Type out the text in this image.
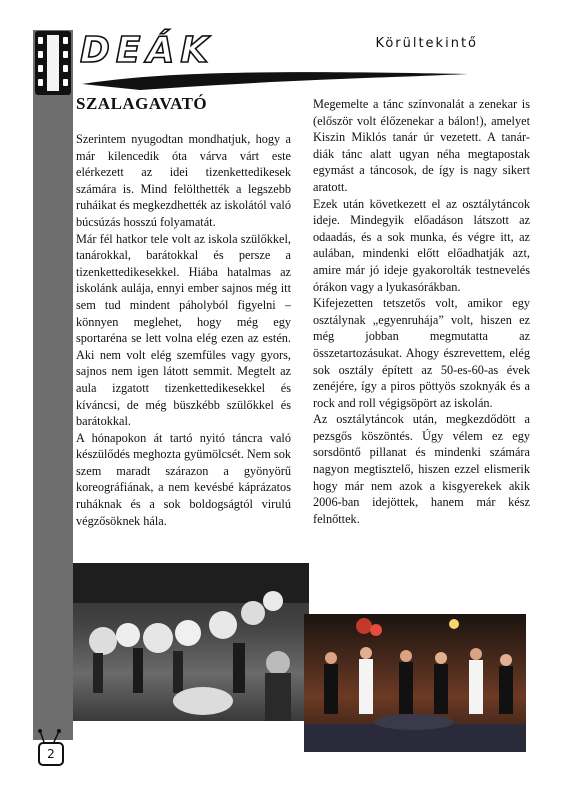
DEÁK	Körültekintő
SZALAGAVATÓ

Szerintem nyugodtan mondhatjuk, hogy a már kilencedik óta várva várt este elérkezett az idei tizenkettedikesek számára is. Mind felölthették a legszebb ruháikat és megkezdhették az iskolától való búcsúzás hosszú folyamatát.

Már fél hatkor tele volt az iskola szülőkkel, tanárokkal, barátokkal és persze a tizenkettedikesekkel. Hiába hatalmas az iskolánk aulája, ennyi ember sajnos még itt sem tud mindent páholyból figyelni – könnyen meglehet, hogy még egy sportaréna se lett volna elég ezen az estén. Aki nem volt elég szemfüles vagy gyors, sajnos nem igen látott semmit. Megtelt az aula izgatott tizenkettedikesekkel és kíváncsi, de még büszkébb szülőkkel és barátokkal.

A hónapokon át tartó nyitó táncra való készülődés meghozta gyümölcsét. Nem sok szem maradt szárazon a gyönyörű koreográfiának, a nem kevésbé káprázatos ruháknak és a sok boldogságtól virulú végzősöknek hála.

Megemelte a tánc színvonalát a zenekar is (először volt élőzenekar a bálon!), amelyet Kiszin Miklós tanár úr vezetett. A tanár-diák tánc alatt ugyan néha megtapostak egymást a táncosok, de így is nagy sikert aratott.

Ezek után következett el az osztálytáncok ideje. Mindegyik előadáson látszott az odaadás, és a sok munka, és végre itt, az aulában, mindenki előtt előadhatják azt, amire már jó ideje gyakorolták testnevelés órákon vagy a lyukasórákban.

Kifejezetten tetszetős volt, amikor egy osztálynak „egyenruhája” volt, hiszen ez még jobban megmutatta az összetartozásukat. Ahogy észrevettem, elég sok osztály épített az 50-es-60-as évek zenéjére, így a piros pöttyös szoknyák és a rock and roll végigsöpört az iskolán.

Az osztálytáncok után, megkezdődött a pezsgős köszöntés. Úgy vélem ez egy sorsdöntő pillanat és mindenki számára nagyon megtisztelő, hiszen ezzel elismerik hogy már nem azok a kisgyerekek akik 2006-ban idejöttek, hanem már kész felnőttek.

2
